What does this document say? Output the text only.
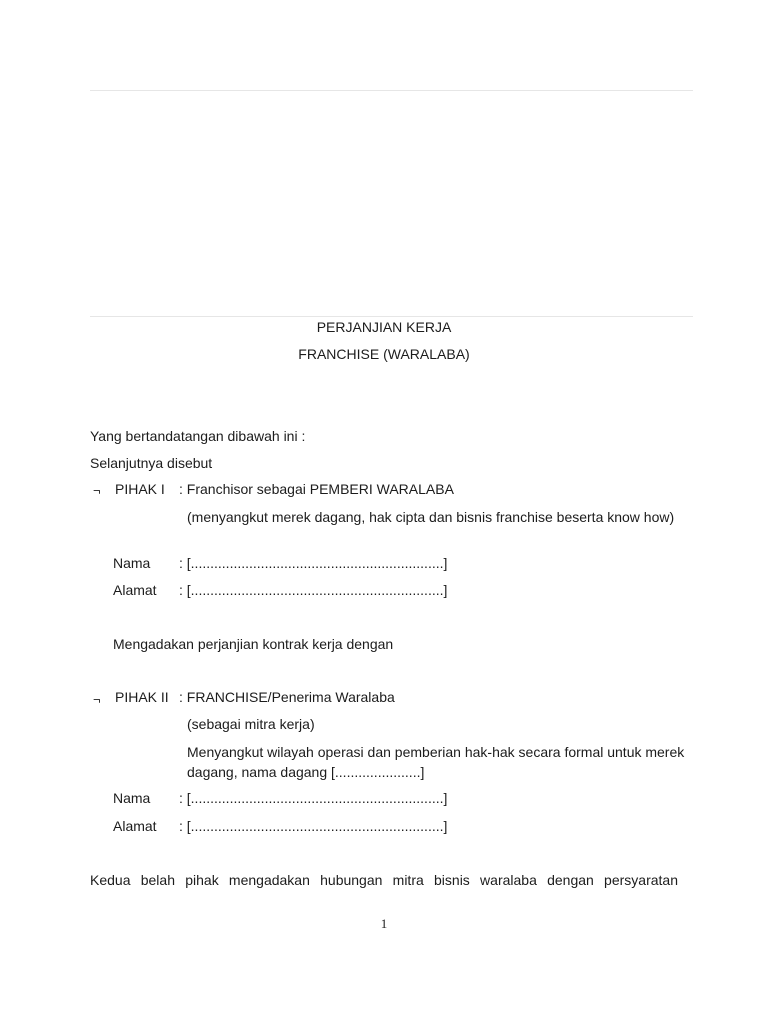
PERJANJIAN KERJA
FRANCHISE (WARALABA)
Yang bertandatangan dibawah ini :
Selanjutnya disebut
¬ PIHAK I : Franchisor sebagai PEMBERI WARALABA
(menyangkut merek dagang, hak cipta dan bisnis franchise beserta know how)
Nama : [.................................................................]
Alamat : [.................................................................]
Mengadakan perjanjian kontrak kerja dengan
¬ PIHAK II : FRANCHISE/Penerima Waralaba
(sebagai mitra kerja)
Menyangkut wilayah operasi dan pemberian hak-hak secara formal untuk merek dagang, nama dagang [......................]
Nama : [.................................................................]
Alamat : [.................................................................]
Kedua belah pihak mengadakan hubungan mitra bisnis waralaba dengan persyaratan
1
